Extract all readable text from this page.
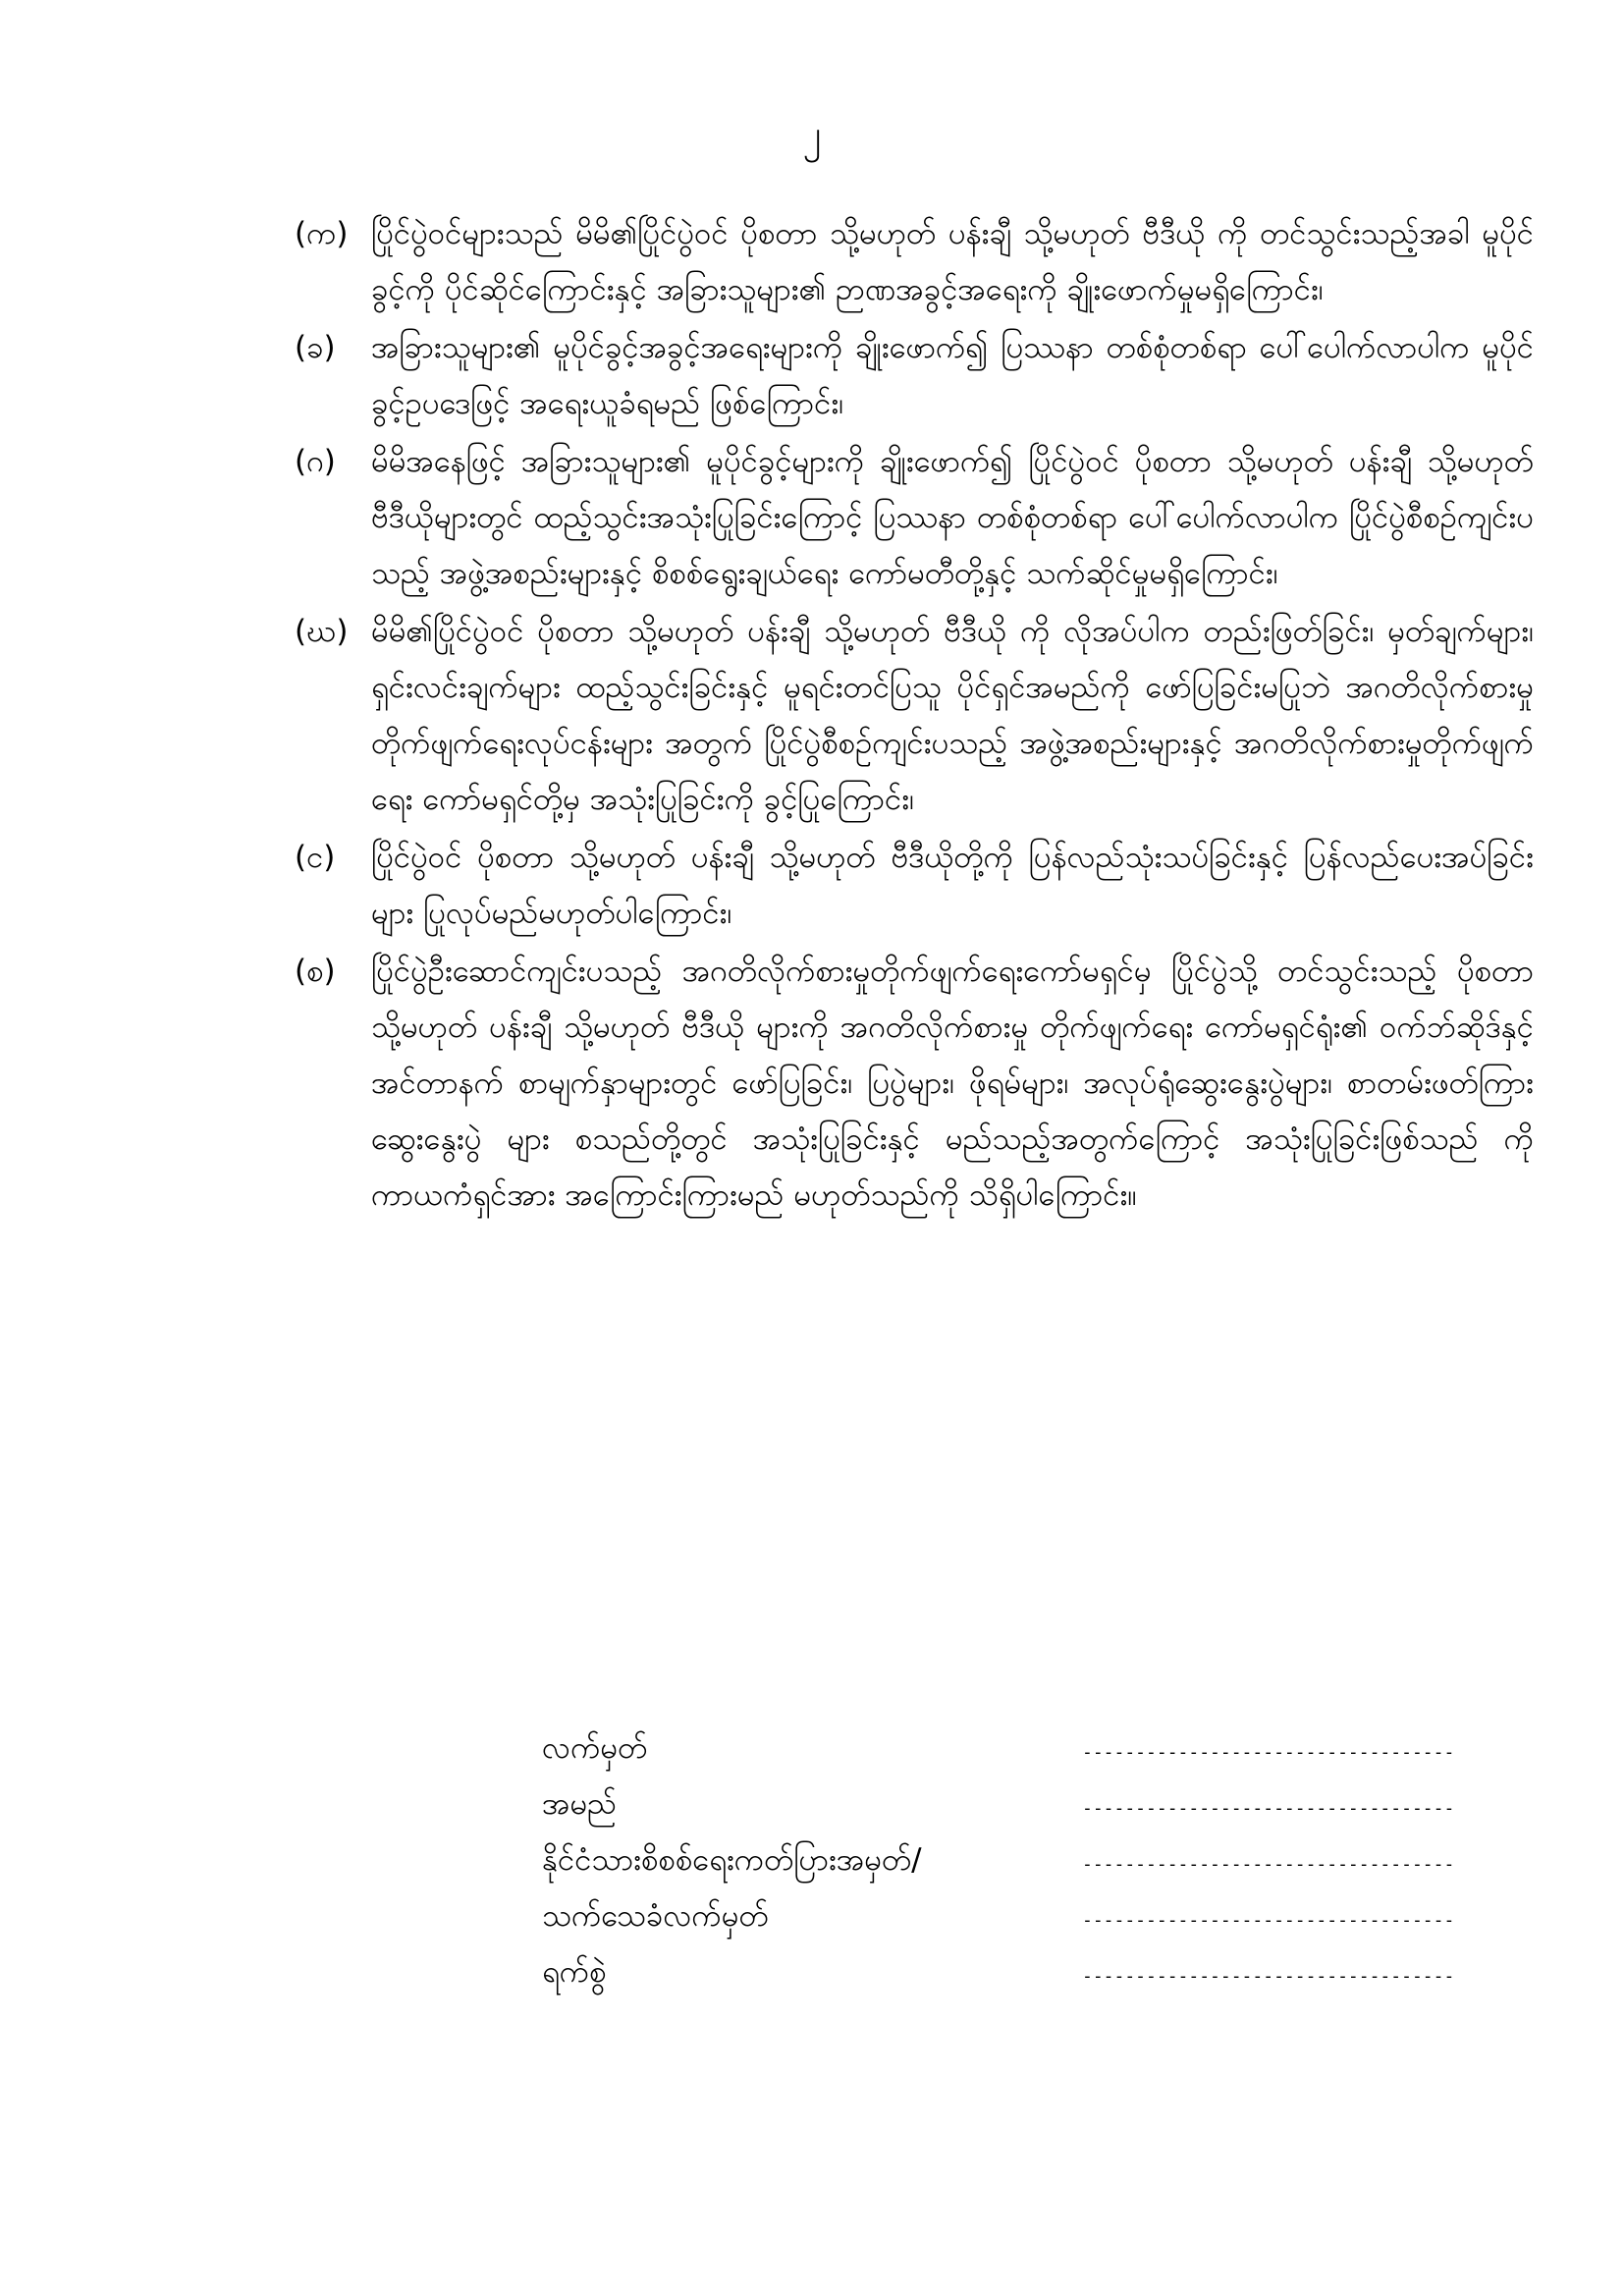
၂
(က) ပြိုင်ပွဲဝင်များသည် မိမိ၏ပြိုင်ပွဲဝင် ပိုစတာ သို့မဟုတ် ပန်းချီ သို့မဟုတ် ဗီဒီယို ကို တင်သွင်းသည့်အခါ မူပိုင်ခွင့်ကို ပိုင်ဆိုင်ကြောင်းနှင့် အခြားသူများ၏ ဉာဏအခွင့်အရေးကို ချိုးဖောက်မှုမရှိကြောင်း၊
(ခ)	အခြားသူများ၏ မူပိုင်ခွင့်အခွင့်အရေးများကို ချိုးဖောက်၍ ပြဿနာ တစ်စုံတစ်ရာ ပေါ်ပေါက်လာပါက မူပိုင်ခွင့်ဥပဒေဖြင့် အရေးယူခံရမည် ဖြစ်ကြောင်း၊
(ဂ)	မိမိအနေဖြင့် အခြားသူများ၏ မူပိုင်ခွင့်များကို ချိုးဖောက်၍ ပြိုင်ပွဲဝင် ပိုစတာ သို့မဟုတ် ပန်းချီ သို့မဟုတ် ဗီဒီယိုများတွင် ထည့်သွင်းအသုံးပြုခြင်းကြောင့် ပြဿနာ တစ်စုံတစ်ရာ ပေါ်ပေါက်လာပါက ပြိုင်ပွဲစီစဉ်ကျင်းပသည့် အဖွဲ့အစည်းများနှင့် စိစစ်ရွေးချယ်ရေး ကော်မတီတို့နှင့် သက်ဆိုင်မှုမရှိကြောင်း၊
(ဃ) မိမိ၏ပြိုင်ပွဲဝင် ပိုစတာ သို့မဟုတ် ပန်းချီ သို့မဟုတ် ဗီဒီယို ကို လိုအပ်ပါက တည်းဖြတ်ခြင်း၊ မှတ်ချက်များ၊ ရှင်းလင်းချက်များ ထည့်သွင်းခြင်းနှင့် မူရင်းတင်ပြသူ ပိုင်ရှင်အမည်ကို ဖော်ပြခြင်းမပြုဘဲ အဂတိလိုက်စားမှုတိုက်ဖျက်ရေးလုပ်ငန်းများ အတွက် ပြိုင်ပွဲစီစဉ်ကျင်းပသည့် အဖွဲ့အစည်းများနှင့် အဂတိလိုက်စားမှုတိုက်ဖျက်ရေး ကော်မရှင်တို့မှ အသုံးပြုခြင်းကို ခွင့်ပြုကြောင်း၊
(င)	ပြိုင်ပွဲဝင် ပိုစတာ သို့မဟုတ် ပန်းချီ သို့မဟုတ် ဗီဒီယိုတို့ကို ပြန်လည်သုံးသပ်ခြင်းနှင့် ပြန်လည်ပေးအပ်ခြင်းများ ပြုလုပ်မည်မဟုတ်ပါကြောင်း၊
(စ)	ပြိုင်ပွဲဦးဆောင်ကျင်းပသည့် အဂတိလိုက်စားမှုတိုက်ဖျက်ရေးကော်မရှင်မှ ပြိုင်ပွဲသို့ တင်သွင်းသည့် ပိုစတာ သို့မဟုတ် ပန်းချီ သို့မဟုတ် ဗီဒီယို များကို အဂတိလိုက်စားမှု တိုက်ဖျက်ရေး ကော်မရှင်ရုံး၏ ဝက်ဘ်ဆိုဒ်နှင့် အင်တာနက် စာမျက်နှာများတွင် ဖော်ပြခြင်း၊ ပြပွဲများ၊ ဖိုရမ်များ၊ အလုပ်ရုံဆွေးနွေးပွဲများ၊ စာတမ်းဖတ်ကြား ဆွေးနွေးပွဲ များ စသည်တို့တွင် အသုံးပြုခြင်းနှင့် မည်သည့်အတွက်ကြောင့် အသုံးပြုခြင်းဖြစ်သည် ကို ကာယကံရှင်အား အကြောင်းကြားမည် မဟုတ်သည်ကို သိရှိပါကြောင်း။
လက်မှတ်	-----------------------------------
အမည်	-----------------------------------
နိုင်ငံသားစိစစ်ရေးကတ်ပြားအမှတ်/	-----------------------------------
သက်သေခံလက်မှတ်	-----------------------------------
ရက်စွဲ	-----------------------------------
